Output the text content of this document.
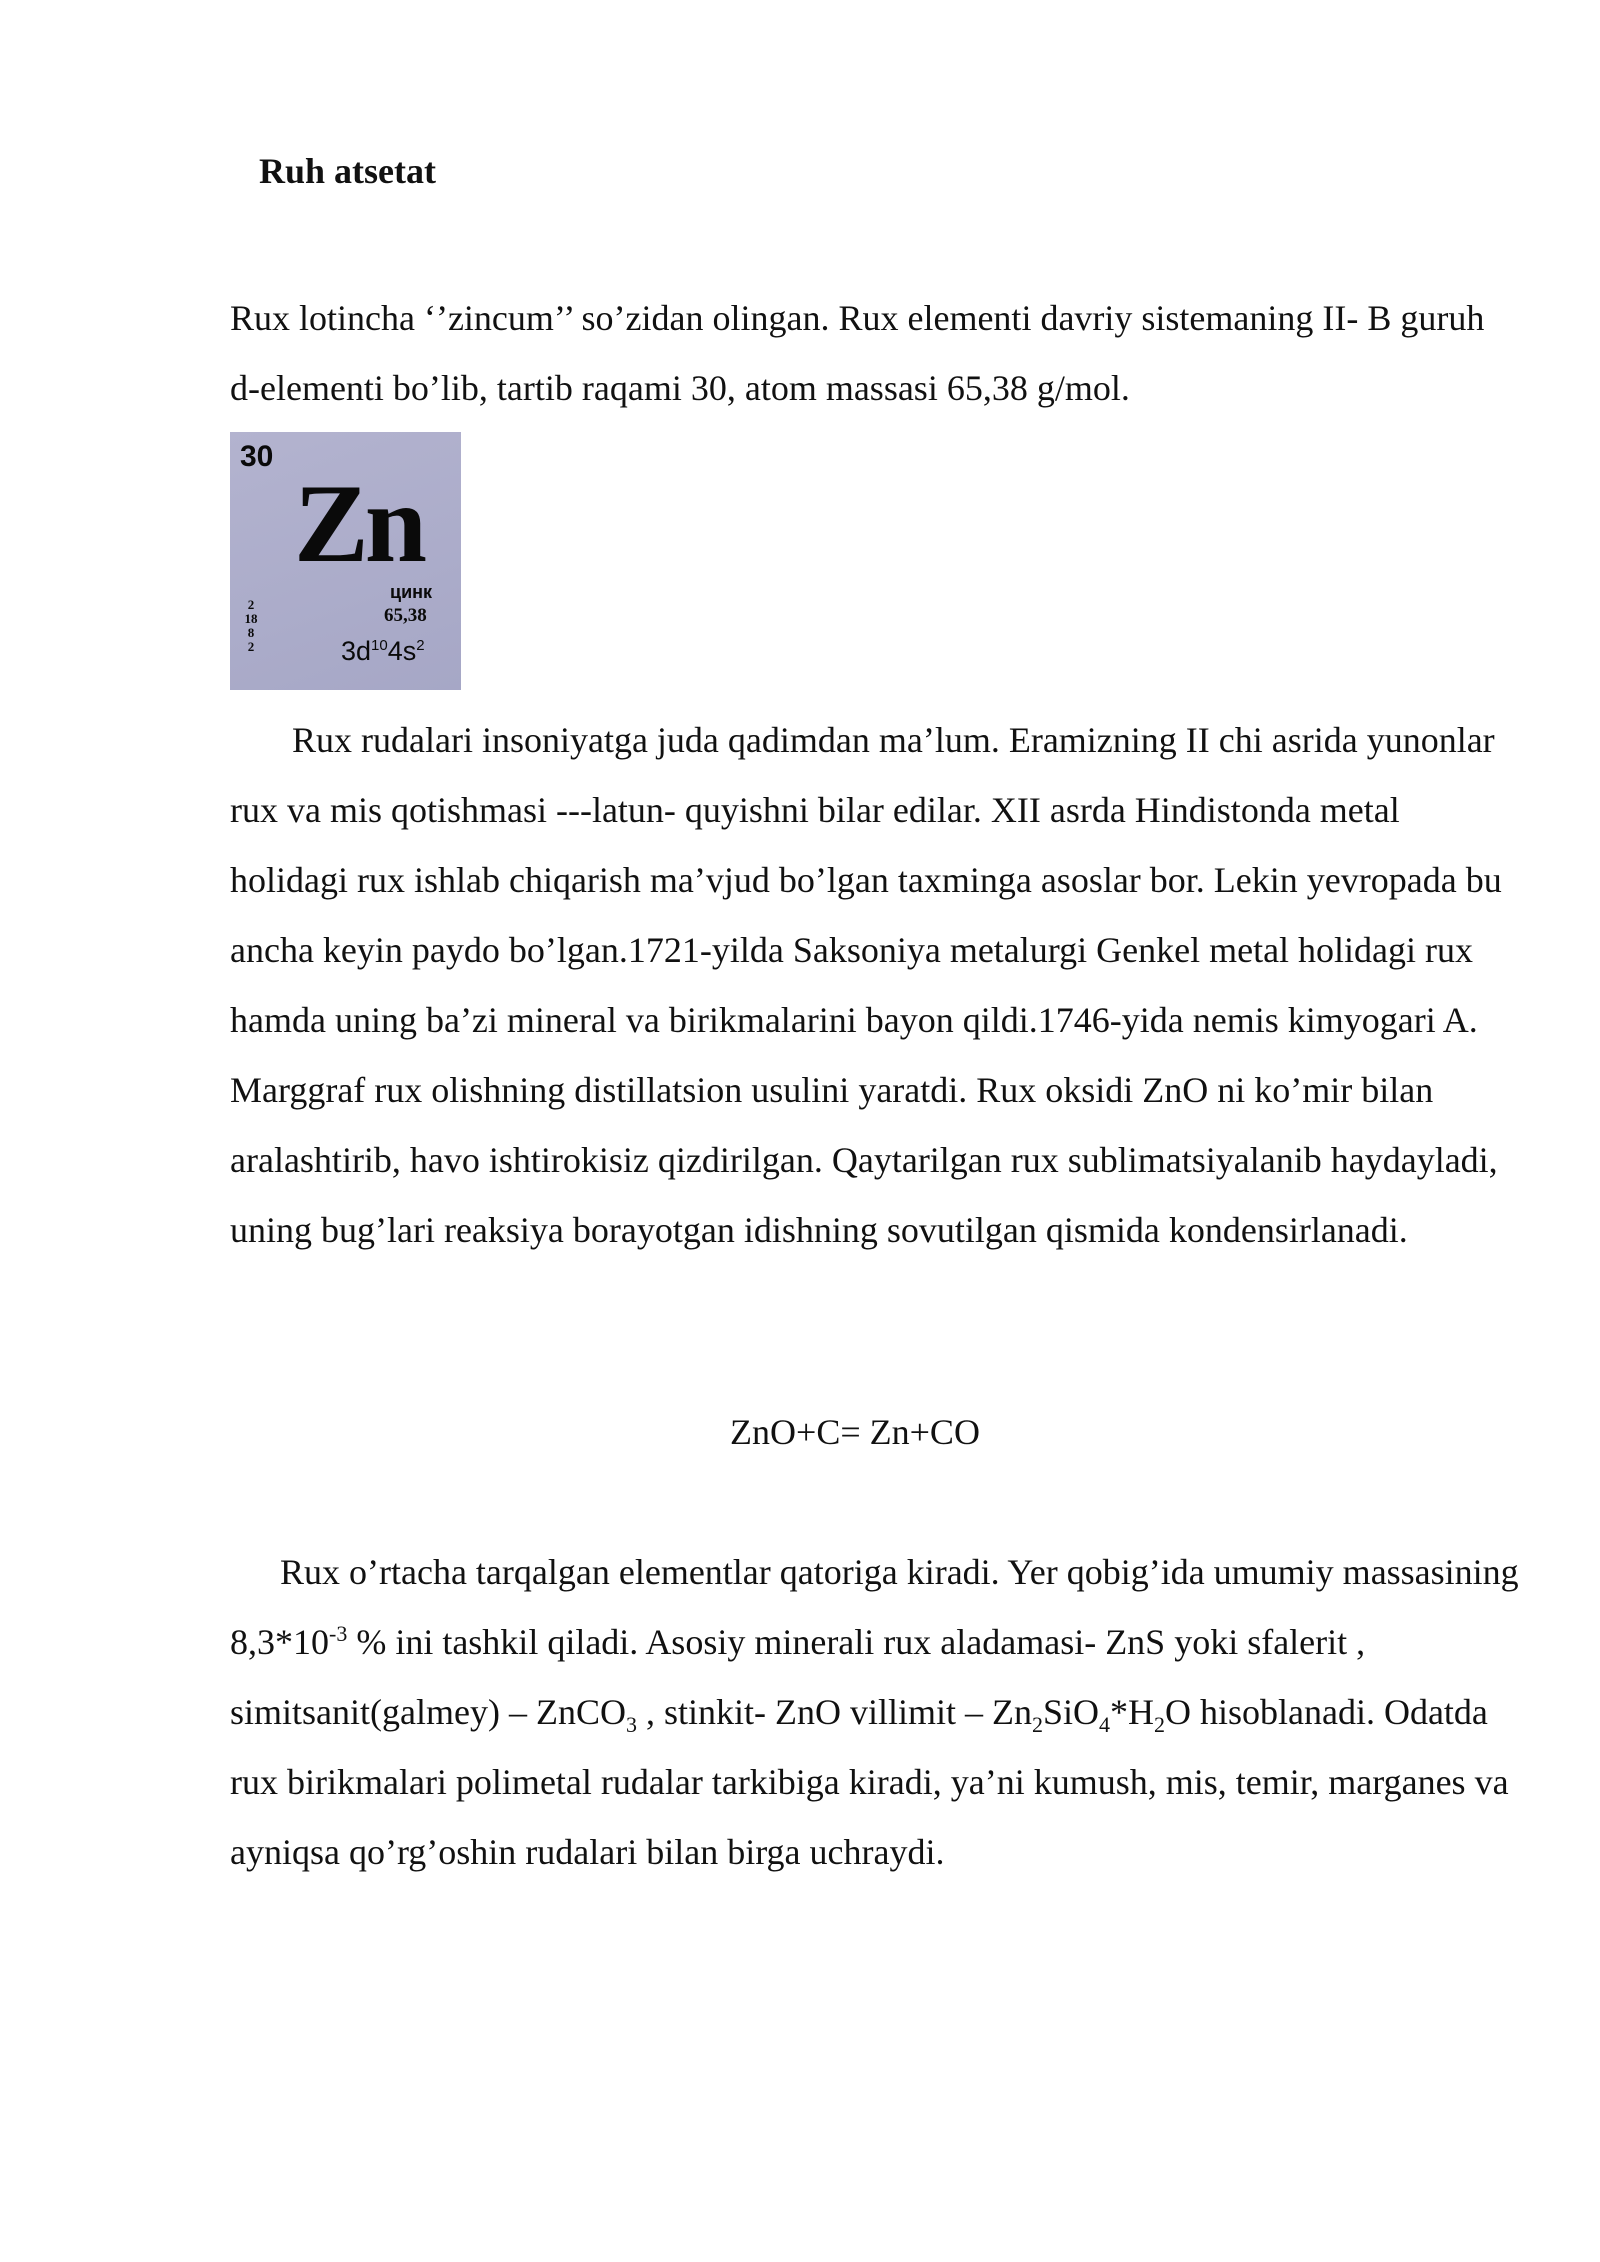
Ruh atsetat

Rux lotincha ‘’zincum’’ so’zidan olingan. Rux elementi davriy sistemaning II- B guruh d-elementi bo’lib, tartib raqami 30, atom massasi 65,38 g/mol.

30
Zn
цинк
65,38
2
18
8
2	$3d^{10}4s^2$

Rux rudalari insoniyatga juda qadimdan ma’lum. Eramizning II chi asrida yunonlar rux va mis qotishmasi ---latun- quyishni bilar edilar. XII asrda Hindistonda metal holidagi rux ishlab chiqarish ma’vjud bo’lgan taxminga asoslar bor. Lekin yevropada bu ancha keyin paydo bo’lgan.1721-yilda Saksoniya metalurgi Genkel metal holidagi rux hamda uning ba’zi mineral va birikmalarini bayon qildi.1746-yida nemis kimyogari A. Marggraf rux olishning distillatsion usulini yaratdi. Rux oksidi ZnO ni ko’mir bilan aralashtirib, havo ishtirokisiz qizdirilgan. Qaytarilgan rux sublimatsiyalanib haydayladi, uning bug’lari reaksiya borayotgan idishning sovutilgan qismida kondensirlanadi.

ZnO+C= Zn+CO

Rux o’rtacha tarqalgan elementlar qatoriga kiradi. Yer qobig’ida umumiy massasining $8,3*10^{-3}$ % ini tashkil qiladi. Asosiy minerali rux aladamasi- ZnS yoki sfalerit , simitsanit(galmey) – ZnCO$_3$ , stinkit- ZnO villimit – $Zn_2SiO_4*H_2O$ hisoblanadi. Odatda rux birikmalari polimetal rudalar tarkibiga kiradi, ya’ni kumush, mis, temir, marganes va ayniqsa qo’rg’oshin rudalari bilan birga uchraydi.
